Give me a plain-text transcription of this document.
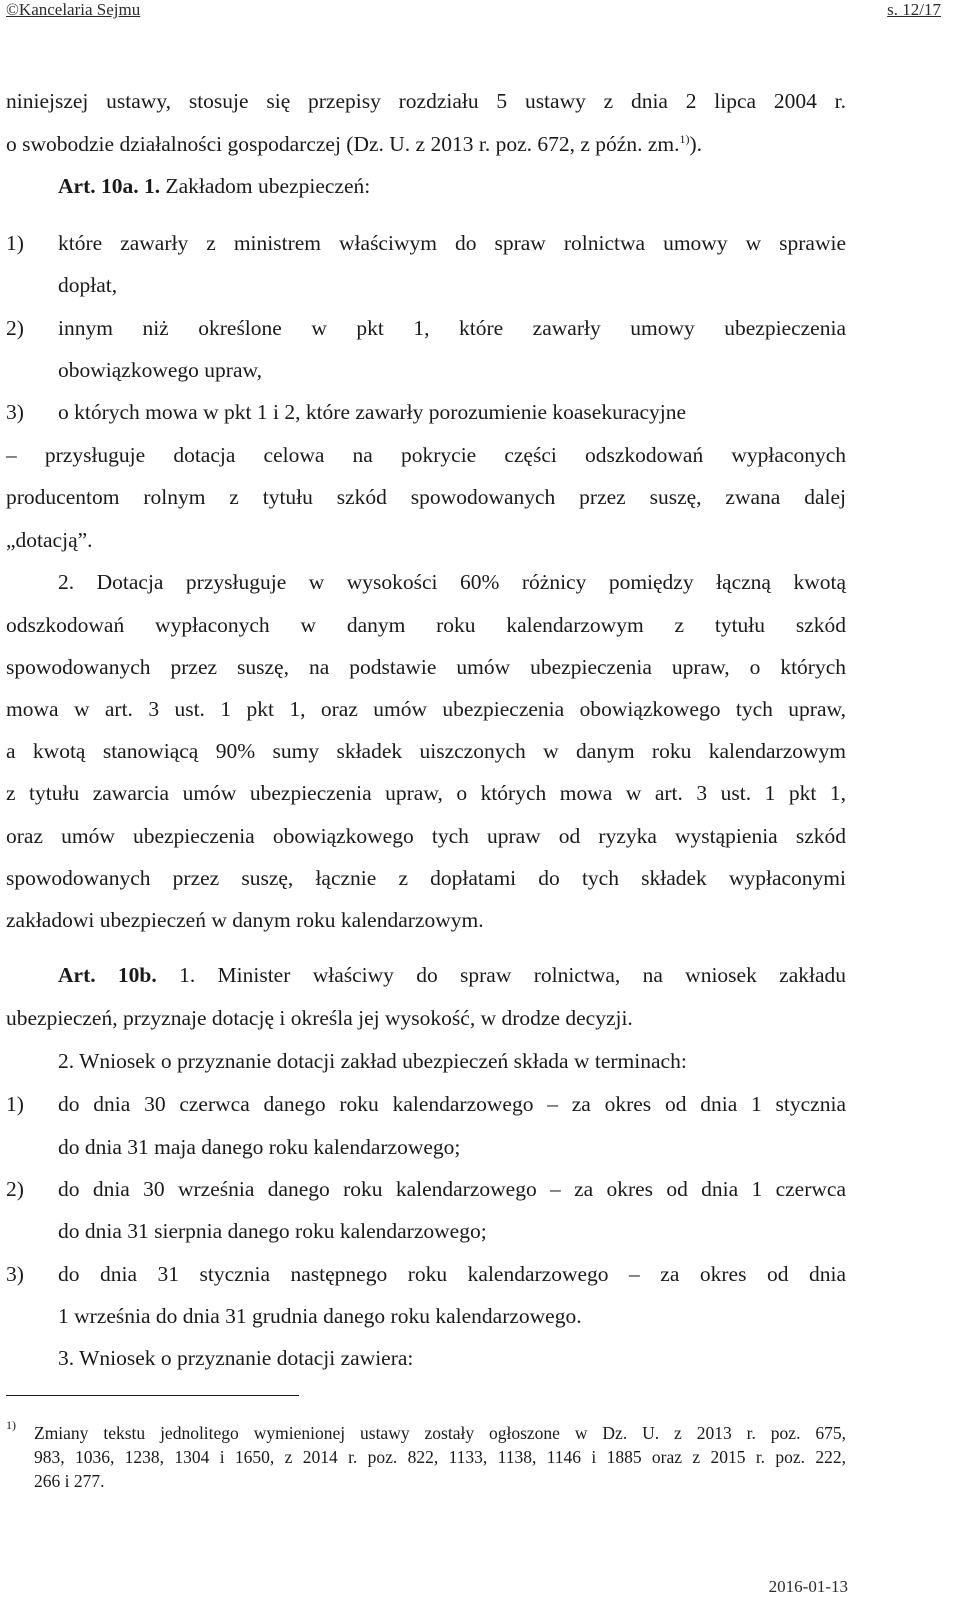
©Kancelaria Sejmu	s. 12/17
niniejszej ustawy, stosuje się przepisy rozdziału 5 ustawy z dnia 2 lipca 2004 r.
o swobodzie działalności gospodarczej (Dz. U. z 2013 r. poz. 672, z późn. zm.$^{1)}$).
Art. 10a. 1. Zakładom ubezpieczeń:
1) które zawarły z ministrem właściwym do spraw rolnictwa umowy w sprawie
dopłat,
2) innym niż określone w pkt 1, które zawarły umowy ubezpieczenia
obowiązkowego upraw,
3) o których mowa w pkt 1 i 2, które zawarły porozumienie koasekuracyjne
– przysługuje dotacja celowa na pokrycie części odszkodowań wypłaconych
producentom rolnym z tytułu szkód spowodowanych przez suszę, zwana dalej
„dotacją”.
2. Dotacja przysługuje w wysokości 60% różnicy pomiędzy łączną kwotą
odszkodowań wypłaconych w danym roku kalendarzowym z tytułu szkód
spowodowanych przez suszę, na podstawie umów ubezpieczenia upraw, o których
mowa w art. 3 ust. 1 pkt 1, oraz umów ubezpieczenia obowiązkowego tych upraw,
a kwotą stanowiącą 90% sumy składek uiszczonych w danym roku kalendarzowym
z tytułu zawarcia umów ubezpieczenia upraw, o których mowa w art. 3 ust. 1 pkt 1,
oraz umów ubezpieczenia obowiązkowego tych upraw od ryzyka wystąpienia szkód
spowodowanych przez suszę, łącznie z dopłatami do tych składek wypłaconymi
zakładowi ubezpieczeń w danym roku kalendarzowym.
Art. 10b. 1. Minister właściwy do spraw rolnictwa, na wniosek zakładu
ubezpieczeń, przyznaje dotację i określa jej wysokość, w drodze decyzji.
2. Wniosek o przyznanie dotacji zakład ubezpieczeń składa w terminach:
1) do dnia 30 czerwca danego roku kalendarzowego – za okres od dnia 1 stycznia
do dnia 31 maja danego roku kalendarzowego;
2) do dnia 30 września danego roku kalendarzowego – za okres od dnia 1 czerwca
do dnia 31 sierpnia danego roku kalendarzowego;
3) do dnia 31 stycznia następnego roku kalendarzowego – za okres od dnia
1 września do dnia 31 grudnia danego roku kalendarzowego.
3. Wniosek o przyznanie dotacji zawiera:
1) Zmiany tekstu jednolitego wymienionej ustawy zostały ogłoszone w Dz. U. z 2013 r. poz. 675,
983, 1036, 1238, 1304 i 1650, z 2014 r. poz. 822, 1133, 1138, 1146 i 1885 oraz z 2015 r. poz. 222,
266 i 277.
2016-01-13
